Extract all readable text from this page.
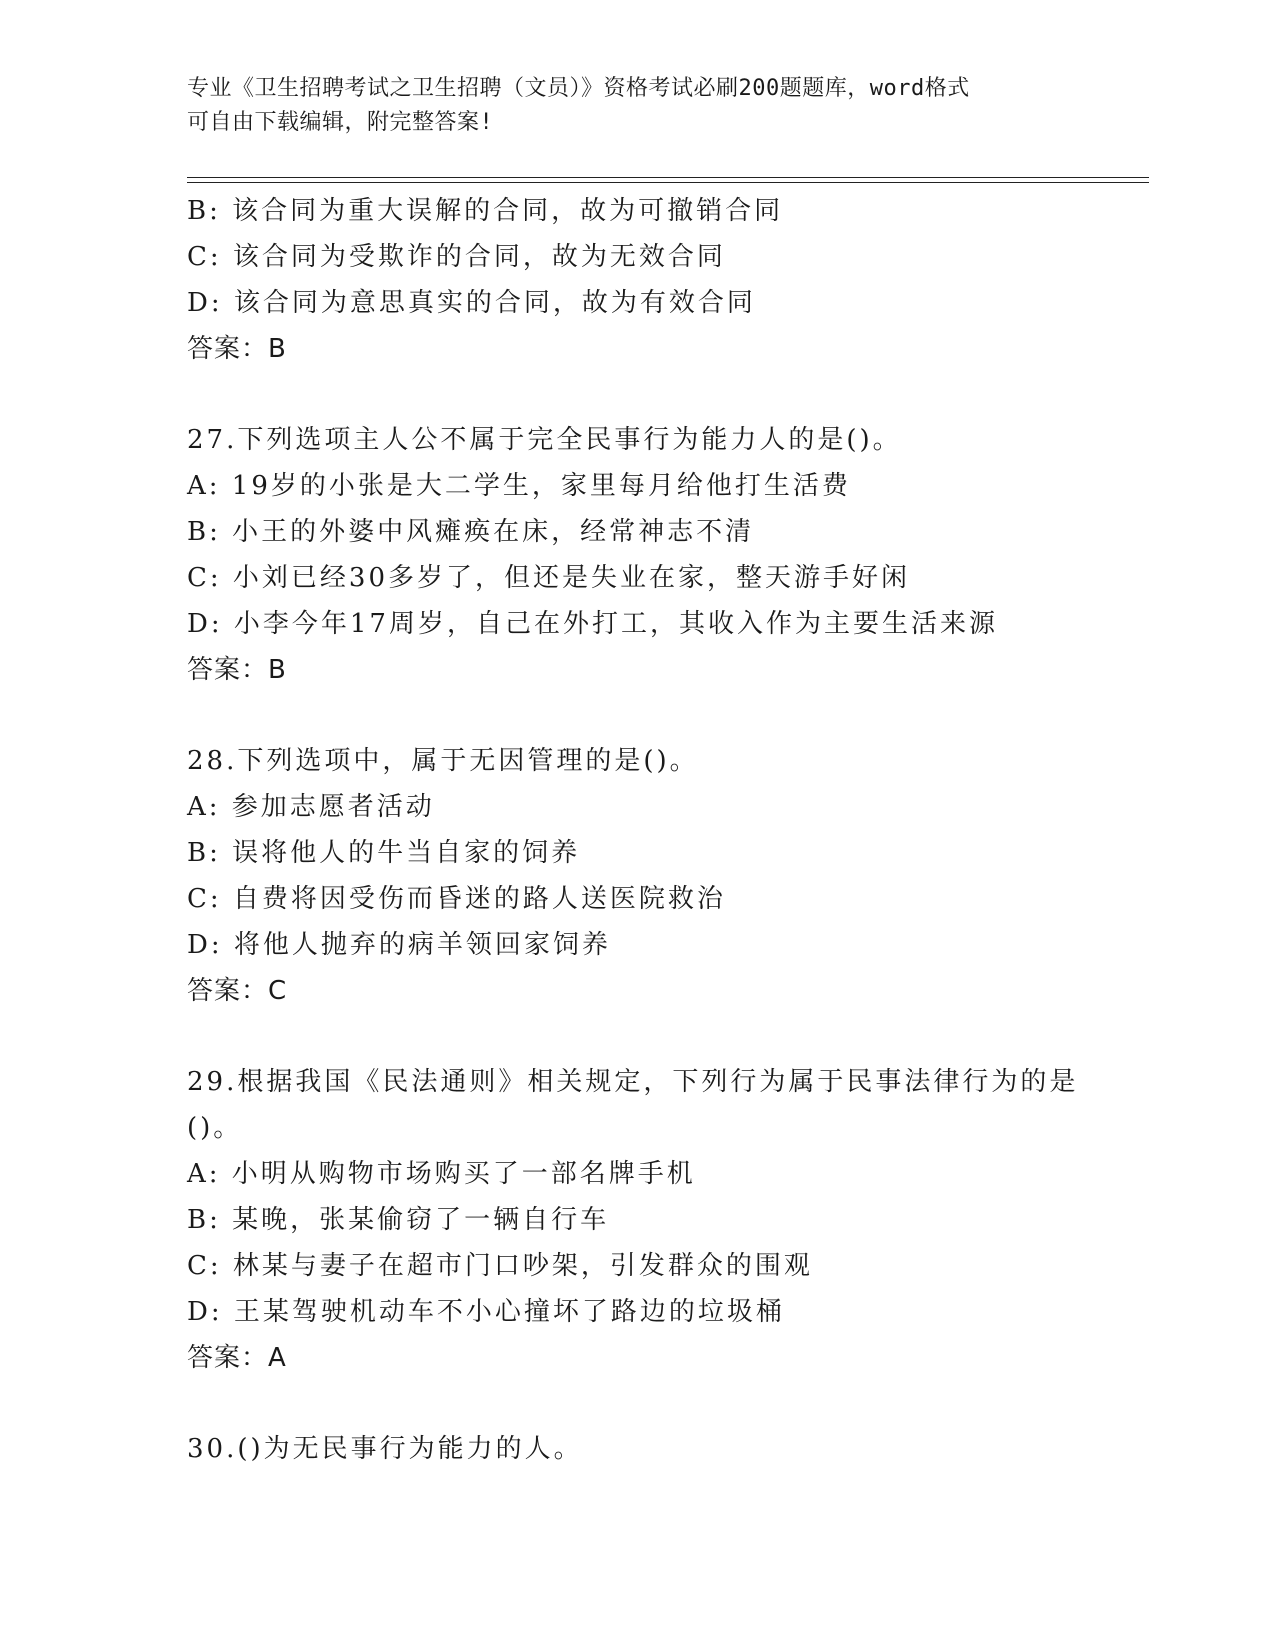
专业《卫生招聘考试之卫生招聘（文员）》资格考试必刷200题题库，word格式
可自由下载编辑，附完整答案!
B: 该合同为重大误解的合同，故为可撤销合同
C: 该合同为受欺诈的合同，故为无效合同
D: 该合同为意思真实的合同，故为有效合同
答案：B
27.下列选项主人公不属于完全民事行为能力人的是()。
A: 19岁的小张是大二学生，家里每月给他打生活费
B: 小王的外婆中风瘫痪在床，经常神志不清
C: 小刘已经30多岁了，但还是失业在家，整天游手好闲
D: 小李今年17周岁，自己在外打工，其收入作为主要生活来源
答案：B
28.下列选项中，属于无因管理的是()。
A: 参加志愿者活动
B: 误将他人的牛当自家的饲养
C: 自费将因受伤而昏迷的路人送医院救治
D: 将他人抛弃的病羊领回家饲养
答案：C
29.根据我国《民法通则》相关规定，下列行为属于民事法律行为的是
()。
A: 小明从购物市场购买了一部名牌手机
B: 某晚，张某偷窃了一辆自行车
C: 林某与妻子在超市门口吵架，引发群众的围观
D: 王某驾驶机动车不小心撞坏了路边的垃圾桶
答案：A
30.()为无民事行为能力的人。
